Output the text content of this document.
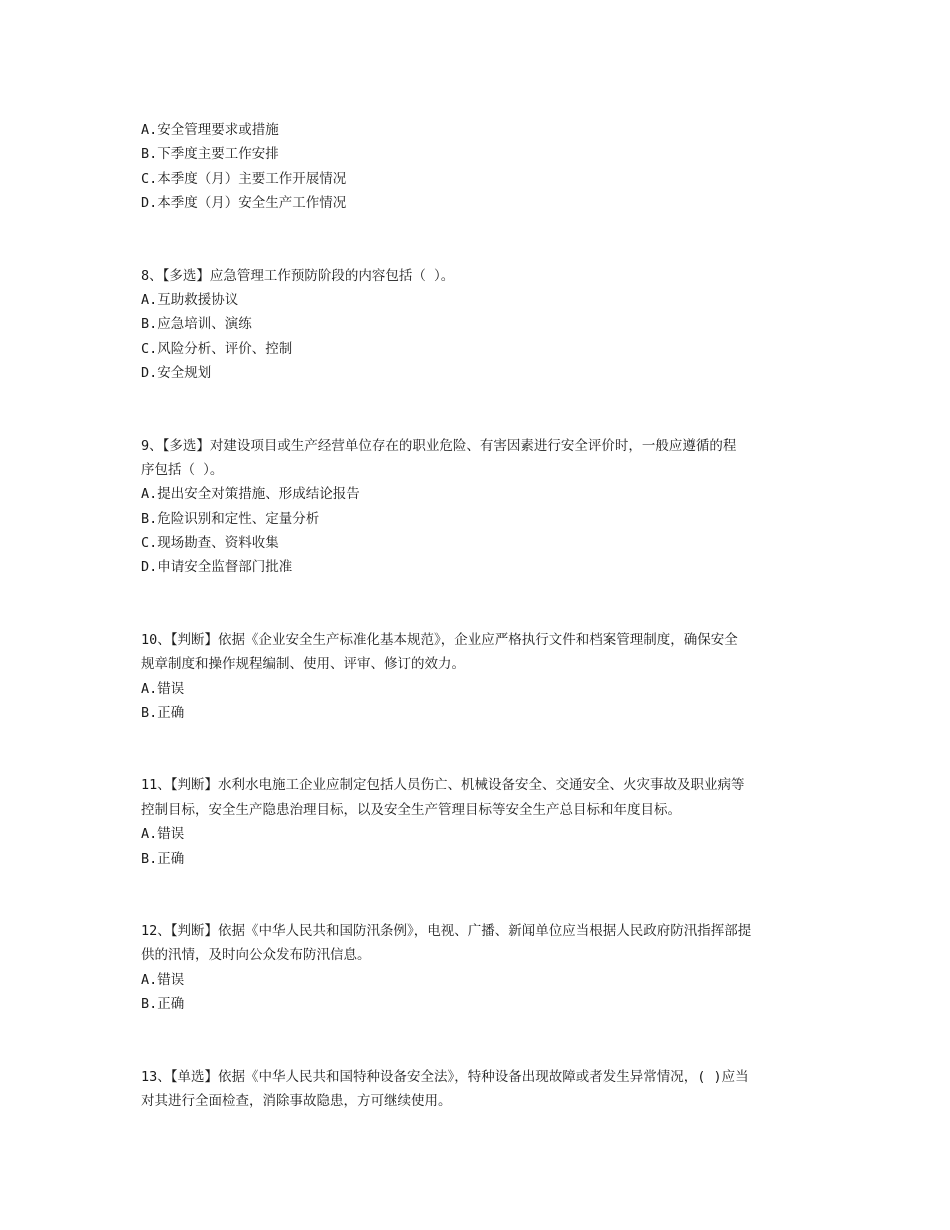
A.安全管理要求或措施
B.下季度主要工作安排
C.本季度（月）主要工作开展情况
D.本季度（月）安全生产工作情况
8、【多选】应急管理工作预防阶段的内容包括（ ）。
A.互助救援协议
B.应急培训、演练
C.风险分析、评价、控制
D.安全规划
9、【多选】对建设项目或生产经营单位存在的职业危险、有害因素进行安全评价时，一般应遵循的程
序包括（ ）。
A.提出安全对策措施、形成结论报告
B.危险识别和定性、定量分析
C.现场勘查、资料收集
D.申请安全监督部门批准
10、【判断】依据《企业安全生产标准化基本规范》，企业应严格执行文件和档案管理制度，确保安全
规章制度和操作规程编制、使用、评审、修订的效力。
A.错误
B.正确
11、【判断】水利水电施工企业应制定包括人员伤亡、机械设备安全、交通安全、火灾事故及职业病等
控制目标，安全生产隐患治理目标，以及安全生产管理目标等安全生产总目标和年度目标。
A.错误
B.正确
12、【判断】依据《中华人民共和国防汛条例》，电视、广播、新闻单位应当根据人民政府防汛指挥部提
供的汛情，及时向公众发布防汛信息。
A.错误
B.正确
13、【单选】依据《中华人民共和国特种设备安全法》，特种设备出现故障或者发生异常情况，( )应当
对其进行全面检查，消除事故隐患，方可继续使用。
